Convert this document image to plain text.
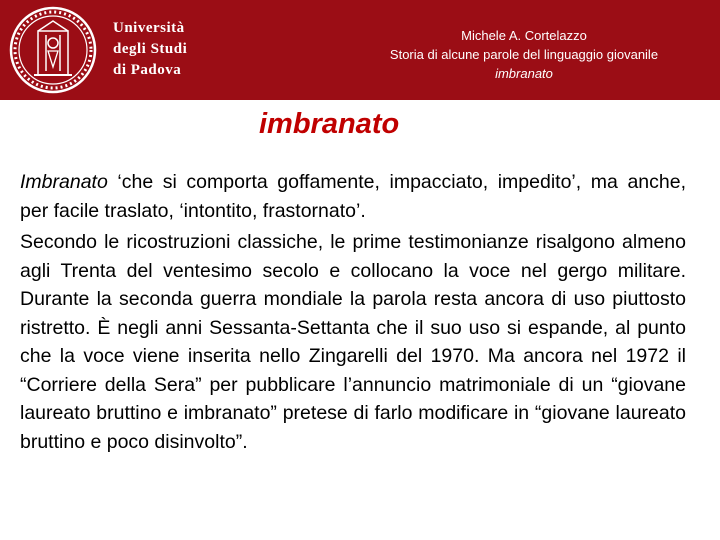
Università
degli Studi
di Padova
Michele A. Cortelazzo
Storia di alcune parole del linguaggio giovanile
imbranato
imbranato

Imbranato ‘che si comporta goffamente, impacciato, impedito’, ma anche, per facile traslato, ‘intontito, frastornato’.

Secondo le ricostruzioni classiche, le prime testimonianze risalgono almeno agli Trenta del ventesimo secolo e collocano la voce nel gergo militare. Durante la seconda guerra mondiale la parola resta ancora di uso piuttosto ristretto. È negli anni Sessanta-Settanta che il suo uso si espande, al punto che la voce viene inserita nello Zingarelli del 1970. Ma ancora nel 1972 il “Corriere della Sera” per pubblicare l’annuncio matrimoniale di un “giovane laureato bruttino e imbranato” pretese di farlo modificare in “giovane laureato bruttino e poco disinvolto”.
